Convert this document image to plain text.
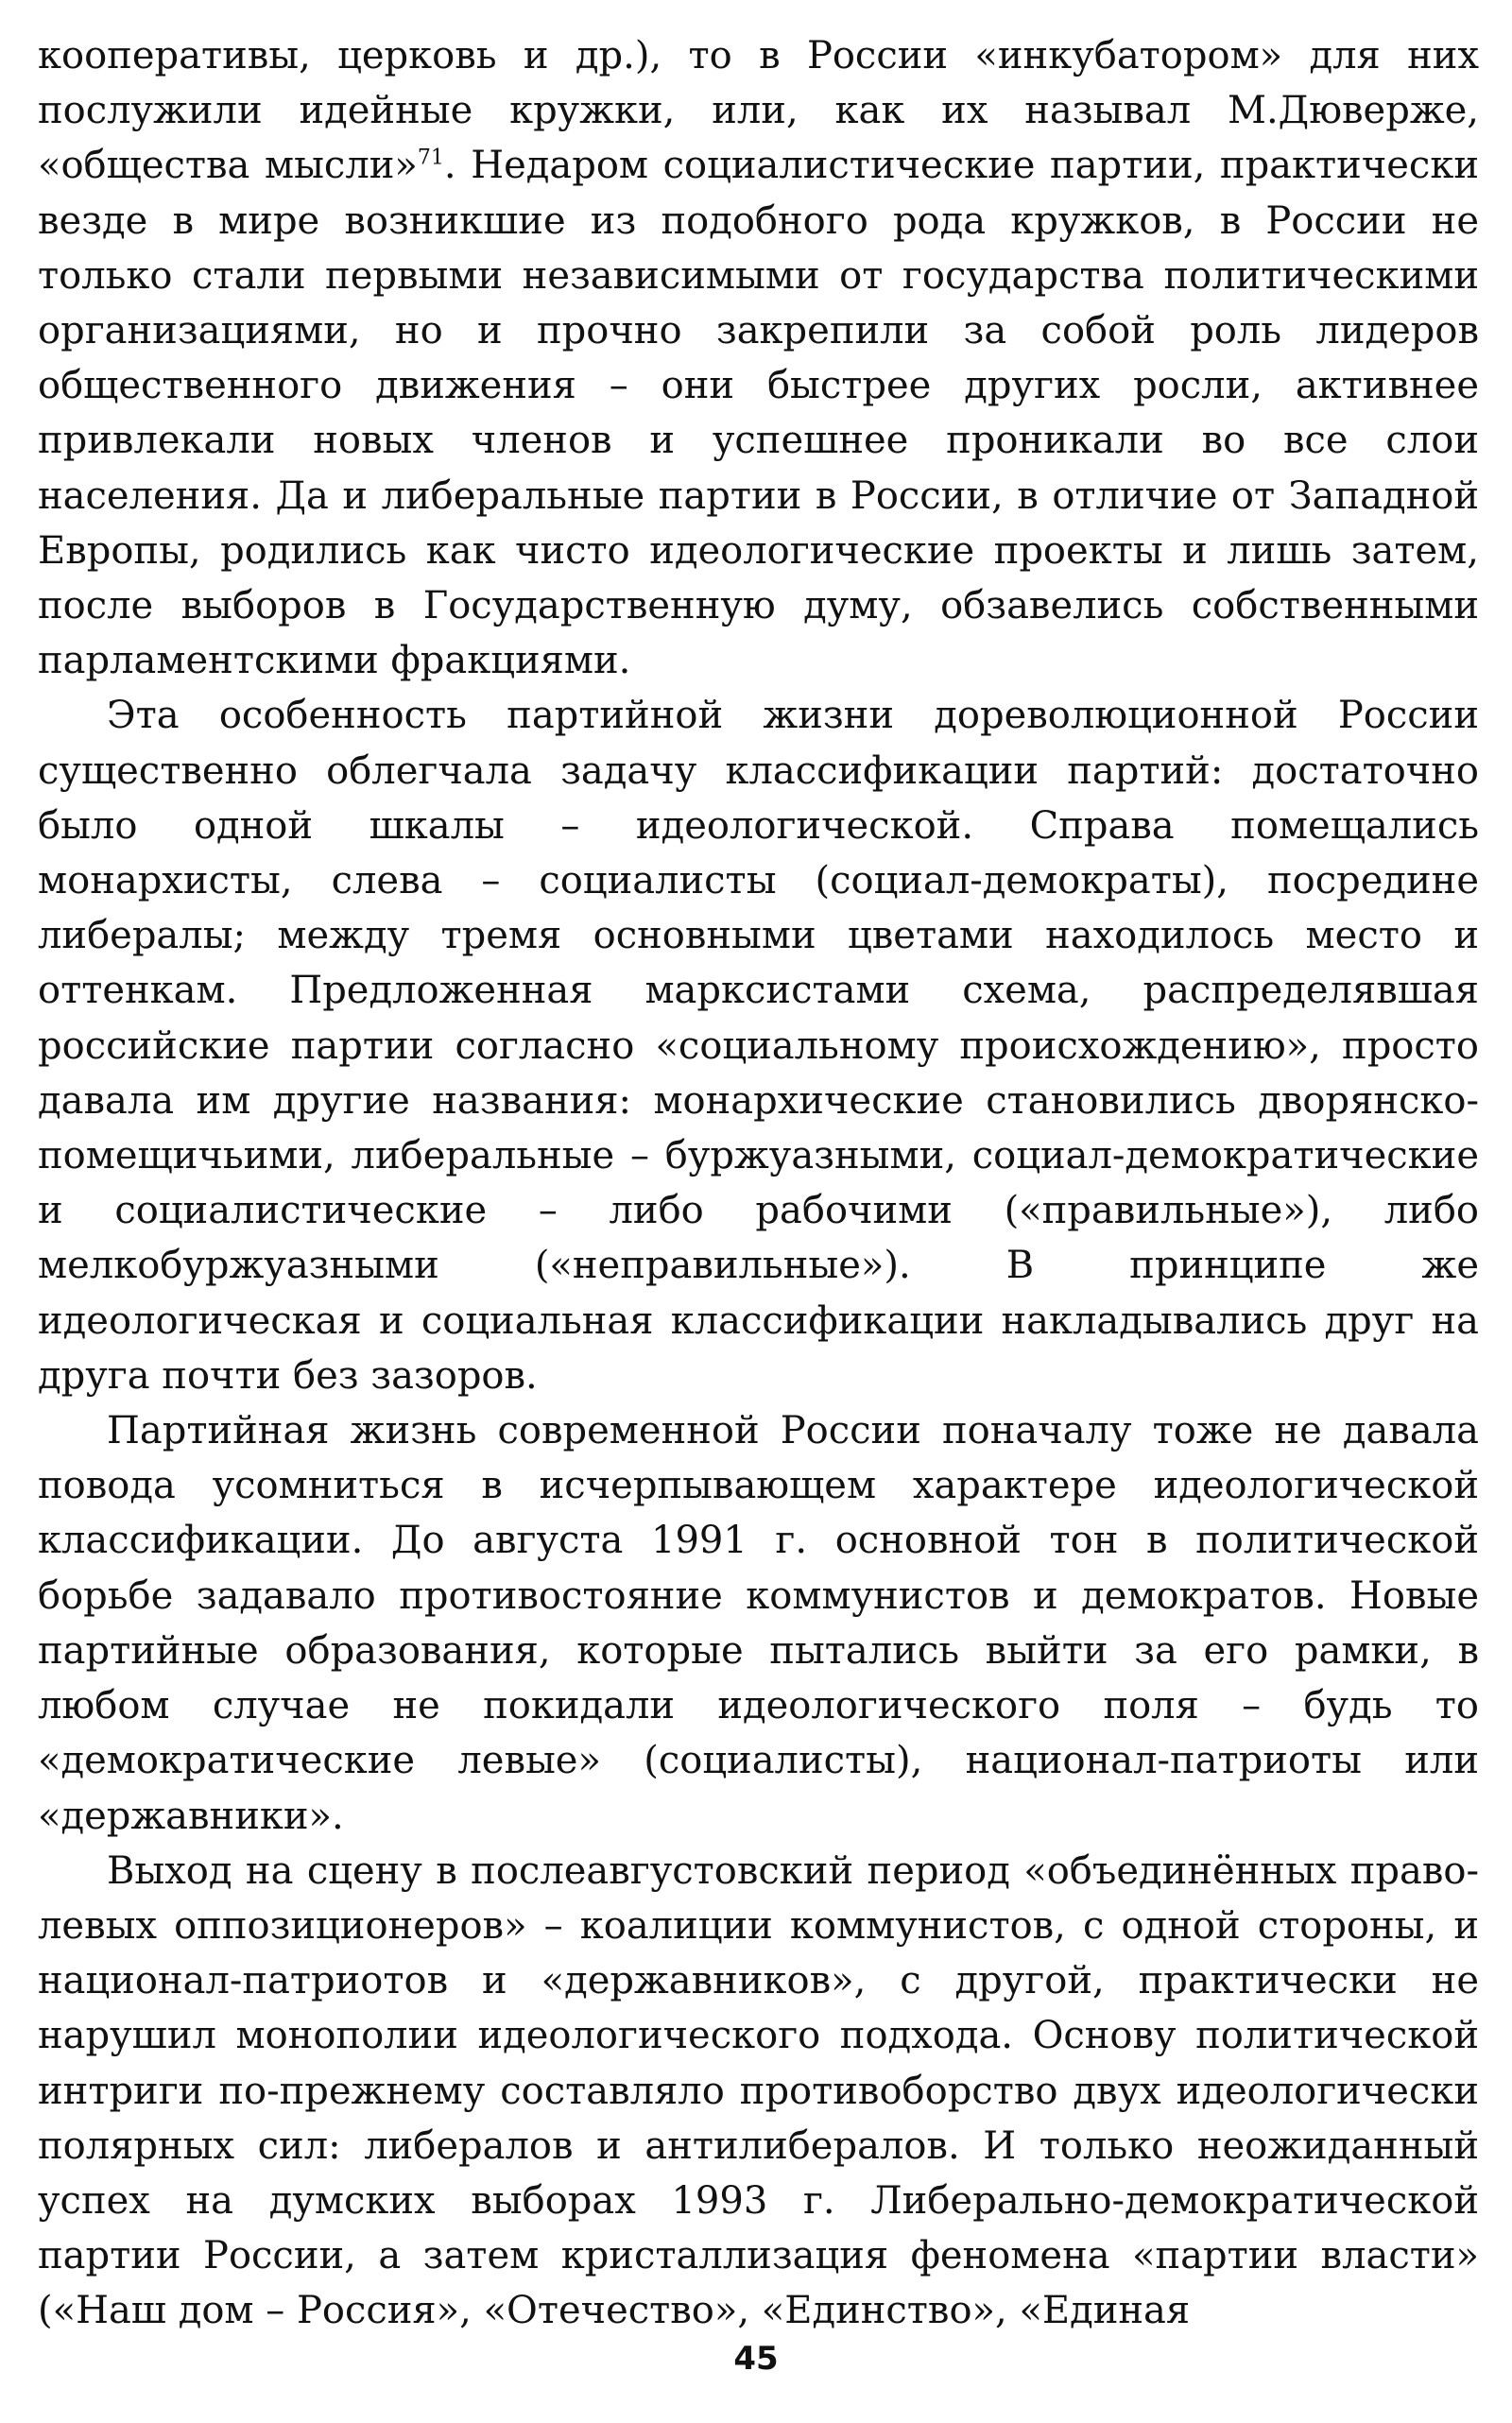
кооперативы, церковь и др.), то в России «инкубатором» для них послужили идейные кружки, или, как их называл М.Дюверже, «общества мысли»$^{71}$. Недаром социалистические партии, практически везде в мире возникшие из подобного рода кружков, в России не только стали первыми независимыми от государства политическими организациями, но и прочно закрепили за собой роль лидеров общественного движения – они быстрее других росли, активнее привлекали новых членов и успешнее проникали во все слои населения. Да и либеральные партии в России, в отличие от Западной Европы, родились как чисто идеологические проекты и лишь затем, после выборов в Государственную думу, обзавелись собственными парламентскими фракциями.

Эта особенность партийной жизни дореволюционной России существенно облегчала задачу классификации партий: достаточно было одной шкалы – идеологической. Справа помещались монархисты, слева – социалисты (социал-демократы), посредине либералы; между тремя основными цветами находилось место и оттенкам. Предложенная марксистами схема, распределявшая российские партии согласно «социальному происхождению», просто давала им другие названия: монархические становились дворянско-помещичьими, либеральные – буржуазными, социал-демократические и социалистические – либо рабочими («правильные»), либо мелкобуржуазными («неправильные»). В принципе же идеологическая и социальная классификации накладывались друг на друга почти без зазоров.

Партийная жизнь современной России поначалу тоже не давала повода усомниться в исчерпывающем характере идеологической классификации. До августа 1991 г. основной тон в политической борьбе задавало противостояние коммунистов и демократов. Новые партийные образования, которые пытались выйти за его рамки, в любом случае не покидали идеологического поля – будь то «демократические левые» (социалисты), национал-патриоты или «державники».

Выход на сцену в послеавгустовский период «объединённых право-левых оппозиционеров» – коалиции коммунистов, с одной стороны, и национал-патриотов и «державников», с другой, практически не нарушил монополии идеологического подхода. Основу политической интриги по-прежнему составляло противоборство двух идеологически полярных сил: либералов и антилибералов. И только неожиданный успех на думских выборах 1993 г. Либерально-демократической партии России, а затем кристаллизация феномена «партии власти» («Наш дом – Россия», «Отечество», «Единство», «Единая

45
